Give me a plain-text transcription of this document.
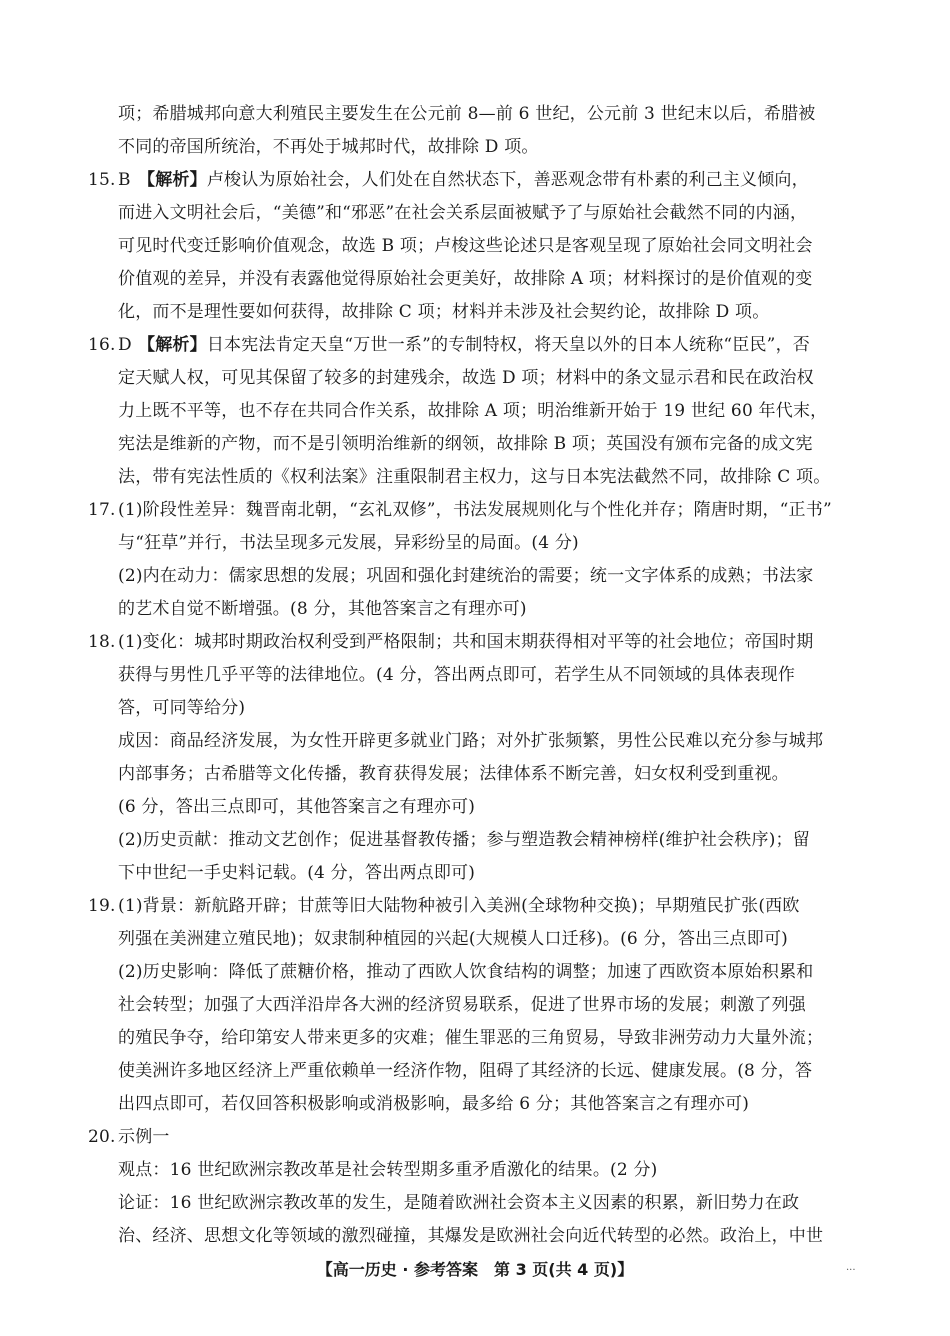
项；希腊城邦向意大利殖民主要发生在公元前 8—前 6 世纪，公元前 3 世纪末以后，希腊被
不同的帝国所统治，不再处于城邦时代，故排除 D 项。
15. B 【解析】卢梭认为原始社会，人们处在自然状态下，善恶观念带有朴素的利己主义倾向，
而进入文明社会后，“美德”和“邪恶”在社会关系层面被赋予了与原始社会截然不同的内涵，
可见时代变迁影响价值观念，故选 B 项；卢梭这些论述只是客观呈现了原始社会同文明社会
价值观的差异，并没有表露他觉得原始社会更美好，故排除 A 项；材料探讨的是价值观的变
化，而不是理性要如何获得，故排除 C 项；材料并未涉及社会契约论，故排除 D 项。
16. D 【解析】日本宪法肯定天皇“万世一系”的专制特权，将天皇以外的日本人统称“臣民”，否
定天赋人权，可见其保留了较多的封建残余，故选 D 项；材料中的条文显示君和民在政治权
力上既不平等，也不存在共同合作关系，故排除 A 项；明治维新开始于 19 世纪 60 年代末，
宪法是维新的产物，而不是引领明治维新的纲领，故排除 B 项；英国没有颁布完备的成文宪
法，带有宪法性质的《权利法案》注重限制君主权力，这与日本宪法截然不同，故排除 C 项。
17. (1)阶段性差异：魏晋南北朝，“玄礼双修”，书法发展规则化与个性化并存；隋唐时期，“正书”
与“狂草”并行，书法呈现多元发展，异彩纷呈的局面。(4 分)
(2)内在动力：儒家思想的发展；巩固和强化封建统治的需要；统一文字体系的成熟；书法家
的艺术自觉不断增强。(8 分，其他答案言之有理亦可)
18. (1)变化：城邦时期政治权利受到严格限制；共和国末期获得相对平等的社会地位；帝国时期
获得与男性几乎平等的法律地位。(4 分，答出两点即可，若学生从不同领域的具体表现作
答，可同等给分)
成因：商品经济发展，为女性开辟更多就业门路；对外扩张频繁，男性公民难以充分参与城邦
内部事务；古希腊等文化传播，教育获得发展；法律体系不断完善，妇女权利受到重视。
(6 分，答出三点即可，其他答案言之有理亦可)
(2)历史贡献：推动文艺创作；促进基督教传播；参与塑造教会精神榜样(维护社会秩序)；留
下中世纪一手史料记载。(4 分，答出两点即可)
19. (1)背景：新航路开辟；甘蔗等旧大陆物种被引入美洲(全球物种交换)；早期殖民扩张(西欧
列强在美洲建立殖民地)；奴隶制种植园的兴起(大规模人口迁移)。(6 分，答出三点即可)
(2)历史影响：降低了蔗糖价格，推动了西欧人饮食结构的调整；加速了西欧资本原始积累和
社会转型；加强了大西洋沿岸各大洲的经济贸易联系，促进了世界市场的发展；刺激了列强
的殖民争夺，给印第安人带来更多的灾难；催生罪恶的三角贸易，导致非洲劳动力大量外流；
使美洲许多地区经济上严重依赖单一经济作物，阻碍了其经济的长远、健康发展。(8 分，答
出四点即可，若仅回答积极影响或消极影响，最多给 6 分；其他答案言之有理亦可)
20. 示例一
观点：16 世纪欧洲宗教改革是社会转型期多重矛盾激化的结果。(2 分)
论证：16 世纪欧洲宗教改革的发生，是随着欧洲社会资本主义因素的积累，新旧势力在政
治、经济、思想文化等领域的激烈碰撞，其爆发是欧洲社会向近代转型的必然。政治上，中世
【高一历史 · 参考答案　第 3 页(共 4 页)】	...
